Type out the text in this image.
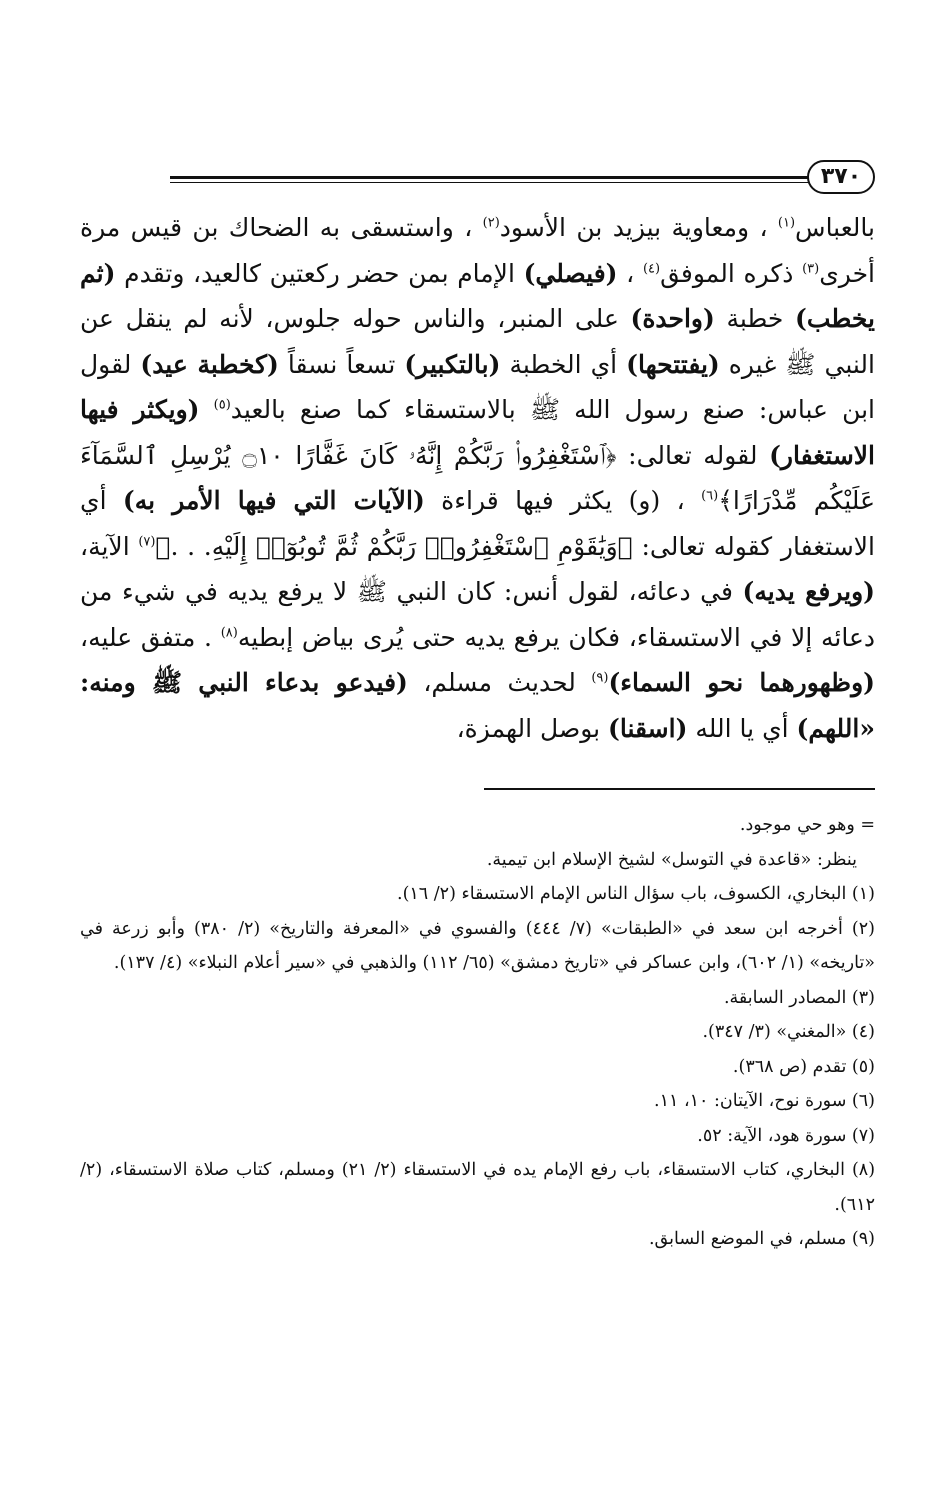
٣٧٠

بالعباس$^{(١)}$ ، ومعاوية بيزيد بن الأسود$^{(٢)}$ ، واستسقى به الضحاك بن قيس مرة أخرى$^{(٣)}$ ذكره الموفق$^{(٤)}$ ، (فيصلي) الإمام بمن حضر ركعتين كالعيد، وتقدم (ثم يخطب) خطبة (واحدة) على المنبر، والناس حوله جلوس، لأنه لم ينقل عن النبي ﷺ غيره (يفتتحها) أي الخطبة (بالتكبير) تسعاً نسقاً (كخطبة عيد) لقول ابن عباس: صنع رسول الله ﷺ بالاستسقاء كما صنع بالعيد$^{(٥)}$ (ويكثر فيها الاستغفار) لقوله تعالى: ﴿ٱسْتَغْفِرُوا۟ رَبَّكُمْ إِنَّهُۥ كَانَ غَفَّارًا ۝١٠ يُرْسِلِ ٱلسَّمَآءَ عَلَيْكُم مِّدْرَارًا﴾$^{(٦)}$ ، (و) يكثر فيها قراءة (الآيات التي فيها الأمر به) أي الاستغفار كقوله تعالى: ﴿وَيَٰقَوْمِ ٱسْتَغْفِرُوا۟ رَبَّكُمْ ثُمَّ تُوبُوٓا۟ إِلَيْهِ. . .﴾$^{(٧)}$ الآية، (ويرفع يديه) في دعائه، لقول أنس: كان النبي ﷺ لا يرفع يديه في شيء من دعائه إلا في الاستسقاء، فكان يرفع يديه حتى يُرى بياض إبطيه$^{(٨)}$ . متفق عليه، (وظهورهما نحو السماء)$^{(٩)}$ لحديث مسلم، (فيدعو بدعاء النبي ﷺ ومنه: «اللهم) أي يا الله (اسقنا) بوصل الهمزة،

= وهو حي موجود.

ينظر: «قاعدة في التوسل» لشيخ الإسلام ابن تيمية.

(١) البخاري، الكسوف، باب سؤال الناس الإمام الاستسقاء (٢/ ١٦).

(٢) أخرجه ابن سعد في «الطبقات» (٧/ ٤٤٤) والفسوي في «المعرفة والتاريخ» (٢/ ٣٨٠) وأبو زرعة في «تاريخه» (١/ ٦٠٢)، وابن عساكر في «تاريخ دمشق» (٦٥/ ١١٢) والذهبي في «سير أعلام النبلاء» (٤/ ١٣٧).

(٣) المصادر السابقة.

(٤) «المغني» (٣/ ٣٤٧).

(٥) تقدم (ص ٣٦٨).

(٦) سورة نوح، الآيتان: ١٠، ١١.

(٧) سورة هود، الآية: ٥٢.

(٨) البخاري، كتاب الاستسقاء، باب رفع الإمام يده في الاستسقاء (٢/ ٢١) ومسلم، كتاب صلاة الاستسقاء، (٢/ ٦١٢).

(٩) مسلم، في الموضع السابق.
